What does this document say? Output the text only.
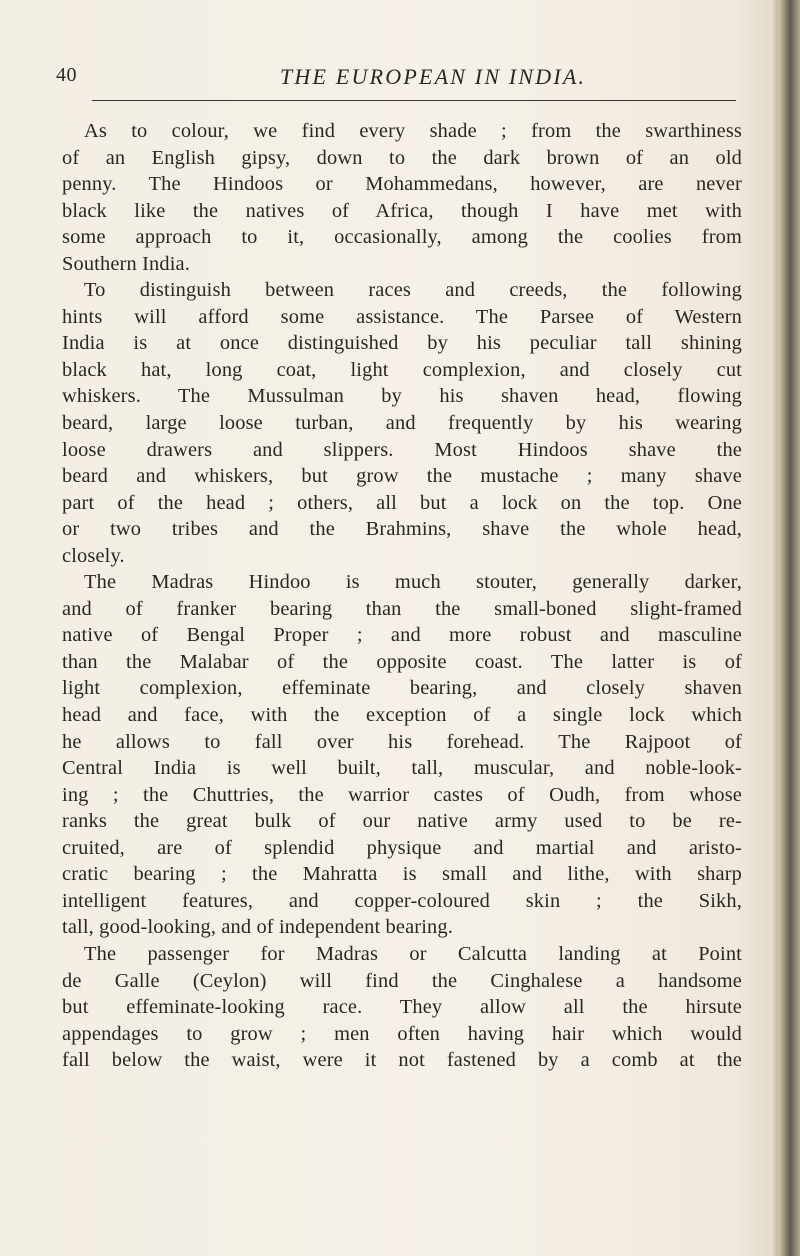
40	THE EUROPEAN IN INDIA.

As to colour, we find every shade ; from the swarthiness
of an English gipsy, down to the dark brown of an old
penny. The Hindoos or Mohammedans, however, are never
black like the natives of Africa, though I have met with
some approach to it, occasionally, among the coolies from
Southern India.

To distinguish between races and creeds, the following
hints will afford some assistance. The Parsee of Western
India is at once distinguished by his peculiar tall shining
black hat, long coat, light complexion, and closely cut
whiskers. The Mussulman by his shaven head, flowing
beard, large loose turban, and frequently by his wearing
loose drawers and slippers. Most Hindoos shave the
beard and whiskers, but grow the mustache ; many shave
part of the head ; others, all but a lock on the top. One
or two tribes and the Brahmins, shave the whole head,
closely.

The Madras Hindoo is much stouter, generally darker,
and of franker bearing than the small-boned slight-framed
native of Bengal Proper ; and more robust and masculine
than the Malabar of the opposite coast. The latter is of
light complexion, effeminate bearing, and closely shaven
head and face, with the exception of a single lock which
he allows to fall over his forehead. The Rajpoot of
Central India is well built, tall, muscular, and noble-look-
ing ; the Chuttries, the warrior castes of Oudh, from whose
ranks the great bulk of our native army used to be re-
cruited, are of splendid physique and martial and aristo-
cratic bearing ; the Mahratta is small and lithe, with sharp
intelligent features, and copper-coloured skin ; the Sikh,
tall, good-looking, and of independent bearing.

The passenger for Madras or Calcutta landing at Point
de Galle (Ceylon) will find the Cinghalese a handsome
but effeminate-looking race. They allow all the hirsute
appendages to grow ; men often having hair which would
fall below the waist, were it not fastened by a comb at the
